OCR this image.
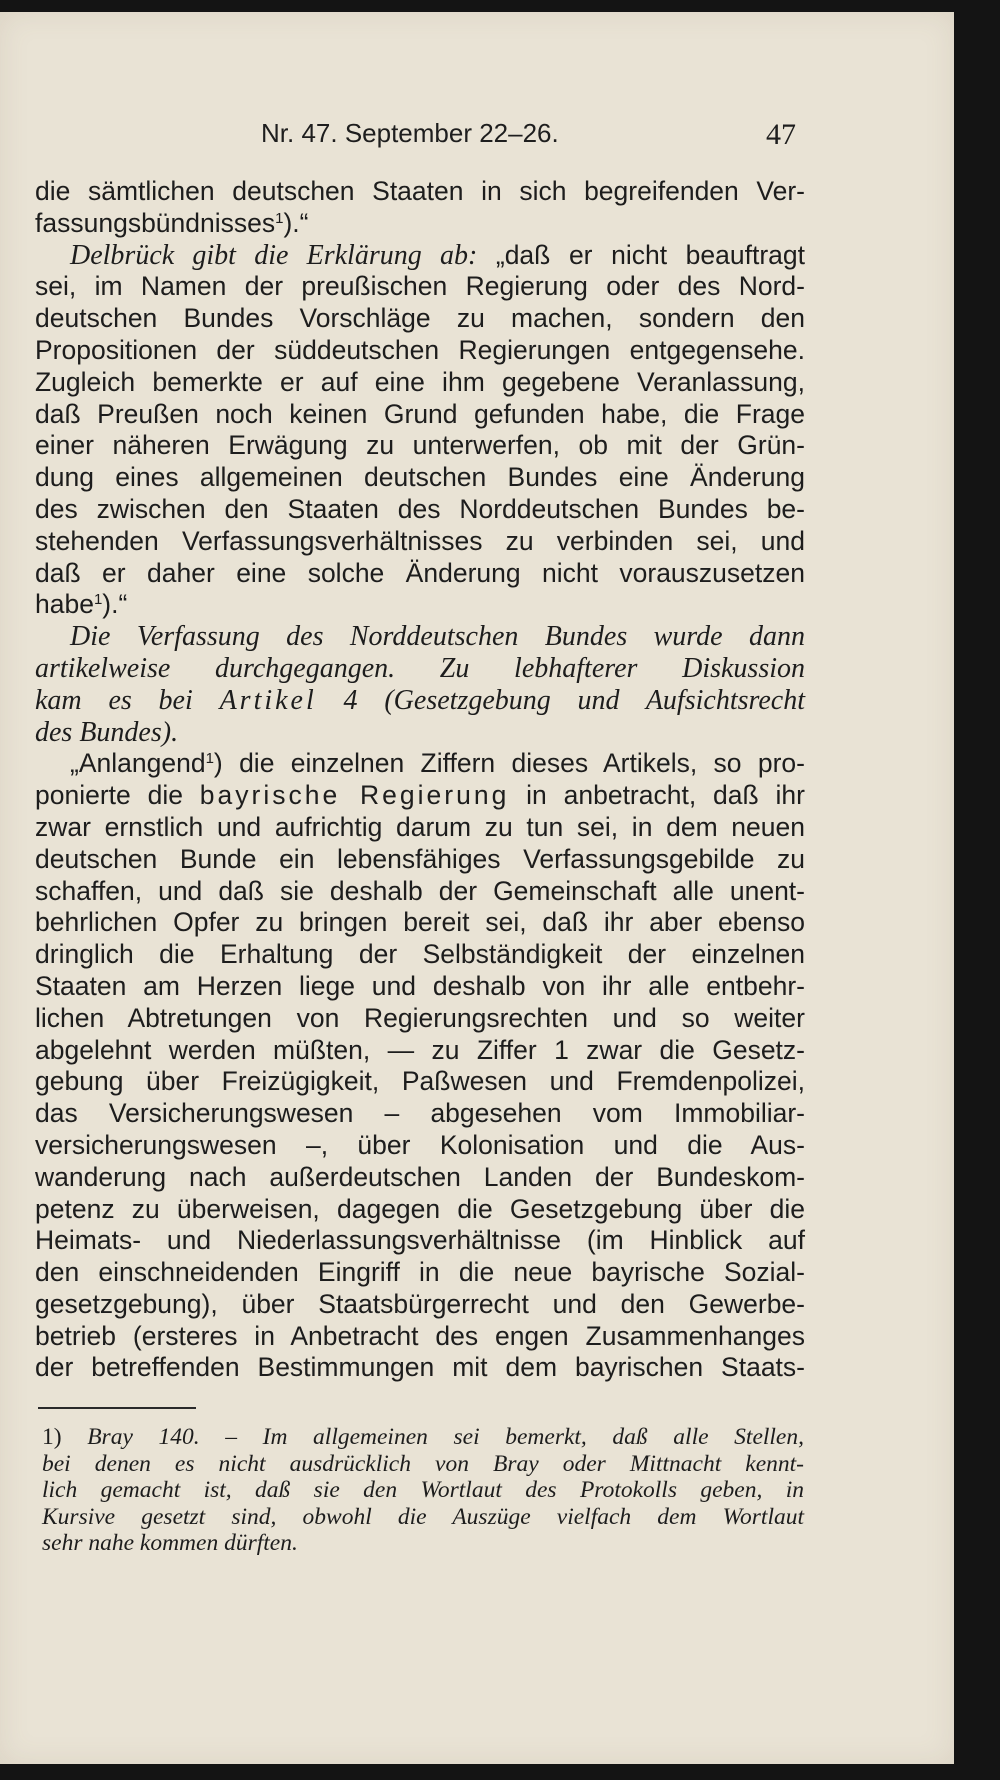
Nr. 47. September 22–26.	47
die sämtlichen deutschen Staaten in sich begreifenden Ver-
fassungsbündnisses$^1$).“
Delbrück gibt die Erklärung ab: „daß er nicht beauftragt
sei, im Namen der preußischen Regierung oder des Nord-
deutschen Bundes Vorschläge zu machen, sondern den
Propositionen der süddeutschen Regierungen entgegensehe.
Zugleich bemerkte er auf eine ihm gegebene Veranlassung,
daß Preußen noch keinen Grund gefunden habe, die Frage
einer näheren Erwägung zu unterwerfen, ob mit der Grün-
dung eines allgemeinen deutschen Bundes eine Änderung
des zwischen den Staaten des Norddeutschen Bundes be-
stehenden Verfassungsverhältnisses zu verbinden sei, und
daß er daher eine solche Änderung nicht vorauszusetzen
habe$^1$).“
Die Verfassung des Norddeutschen Bundes wurde dann
artikelweise durchgegangen. Zu lebhafterer Diskussion
kam es bei Artikel 4 (Gesetzgebung und Aufsichtsrecht
des Bundes).
„Anlangend$^1$) die einzelnen Ziffern dieses Artikels, so pro-
ponierte die bayrische Regierung in anbetracht, daß ihr
zwar ernstlich und aufrichtig darum zu tun sei, in dem neuen
deutschen Bunde ein lebensfähiges Verfassungsgebilde zu
schaffen, und daß sie deshalb der Gemeinschaft alle unent-
behrlichen Opfer zu bringen bereit sei, daß ihr aber ebenso
dringlich die Erhaltung der Selbständigkeit der einzelnen
Staaten am Herzen liege und deshalb von ihr alle entbehr-
lichen Abtretungen von Regierungsrechten und so weiter
abgelehnt werden müßten, — zu Ziffer 1 zwar die Gesetz-
gebung über Freizügigkeit, Paßwesen und Fremdenpolizei,
das Versicherungswesen – abgesehen vom Immobiliar-
versicherungswesen –, über Kolonisation und die Aus-
wanderung nach außerdeutschen Landen der Bundeskom-
petenz zu überweisen, dagegen die Gesetzgebung über die
Heimats- und Niederlassungsverhältnisse (im Hinblick auf
den einschneidenden Eingriff in die neue bayrische Sozial-
gesetzgebung), über Staatsbürgerrecht und den Gewerbe-
betrieb (ersteres in Anbetracht des engen Zusammenhanges
der betreffenden Bestimmungen mit dem bayrischen Staats-
1) Bray 140. – Im allgemeinen sei bemerkt, daß alle Stellen,
bei denen es nicht ausdrücklich von Bray oder Mittnacht kennt-
lich gemacht ist, daß sie den Wortlaut des Protokolls geben, in
Kursive gesetzt sind, obwohl die Auszüge vielfach dem Wortlaut
sehr nahe kommen dürften.
